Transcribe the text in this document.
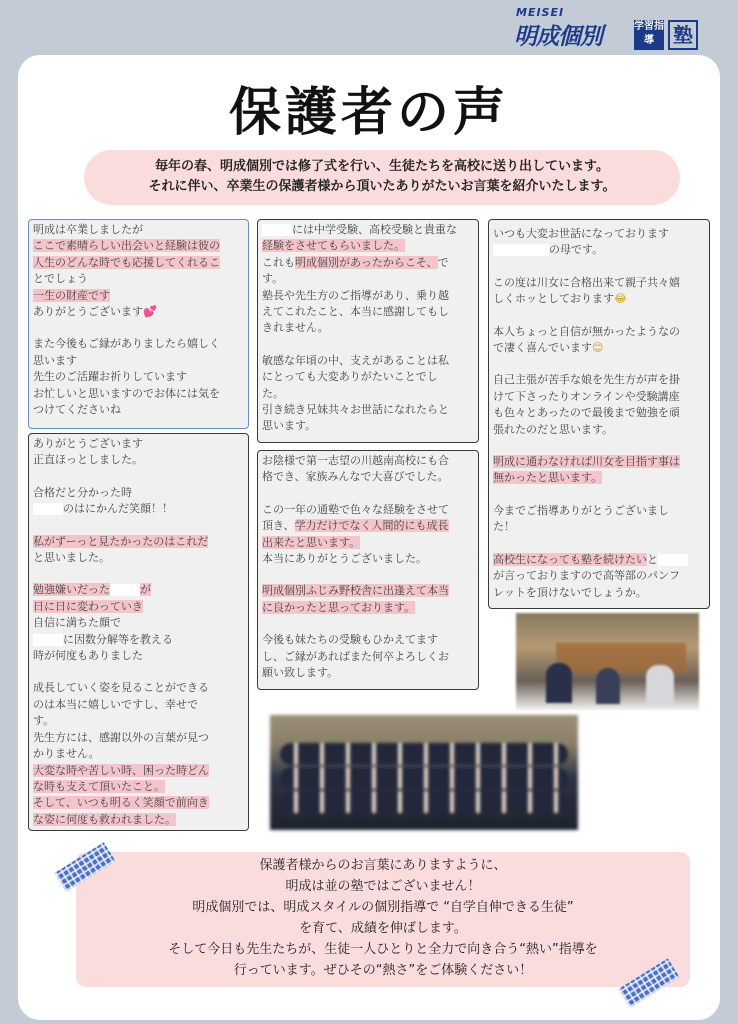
MEISEI
明成個別	学習指導 塾
保護者の声
毎年の春、明成個別では修了式を行い、生徒たちを高校に送り出しています。
それに伴い、卒業生の保護者様から頂いたありがたいお言葉を紹介いたします。

明成は卒業しましたが

ここで素晴らしい出会いと経験は彼の

人生のどんな時でも応援してくれるこ

とでしょう

一生の財産です

ありがとうございます💕

また今後もご縁がありましたら嬉しく

思います

先生のご活躍お祈りしています

お忙しいと思いますのでお体には気を

つけてくださいね

には中学受験、高校受験と貴重な

経験をさせてもらいました。

これも明成個別があったからこそ、で

す。

塾長や先生方のご指導があり、乗り越

えてこれたこと、本当に感謝してもし

きれません。

敏感な年頃の中、支えがあることは私

にとっても大変ありがたいことでし

た。

引き続き兄妹共々お世話になれたらと

思います。

いつも大変お世話になっております

の母です。

この度は川女に合格出来て親子共々嬉

しくホッとしております😂

本人ちょっと自信が無かったようなの

で凄く喜んでいます😊

自己主張が苦手な娘を先生方が声を掛

けて下さったりオンラインや受験講座

も色々とあったので最後まで勉強を頑

張れたのだと思います。

明成に通わなければ川女を目指す事は

無かったと思います。

今までご指導ありがとうございまし

た！

高校生になっても塾を続けたいと

が言っておりますので高等部のパンフ

レットを頂けないでしょうか。

ありがとうございます

正直ほっとしました。

合格だと分かった時

のはにかんだ笑顔！！

私がずーっと見たかったのはこれだ

と思いました。

勉強嫌いだった	が

日に日に変わっていき

自信に満ちた顔で

に因数分解等を教える

時が何度もありました

成長していく姿を見ることができる

のは本当に嬉しいですし、幸せで

す。

先生方には、感謝以外の言葉が見つ

かりません。

大変な時や苦しい時、困った時どん

な時も支えて頂いたこと。

そして、いつも明るく笑顔で前向き

な姿に何度も救われました。

お陰様で第一志望の川越南高校にも合

格でき、家族みんなで大喜びでした。

この一年の通塾で色々な経験をさせて

頂き、学力だけでなく人間的にも成長

出来たと思います。

本当にありがとうございました。

明成個別ふじみ野校舎に出逢えて本当

に良かったと思っております。

今後も妹たちの受験もひかえてます

し、ご縁があればまた何卒よろしくお

願い致します。

保護者様からのお言葉にありますように、

明成は並の塾ではございません！

明成個別では、明成スタイルの個別指導で “自学自伸できる生徒”

を育て、成績を伸ばします。

そして今日も先生たちが、生徒一人ひとりと全力で向き合う“熱い”指導を

行っています。ぜひその“熱さ”をご体験ください！
